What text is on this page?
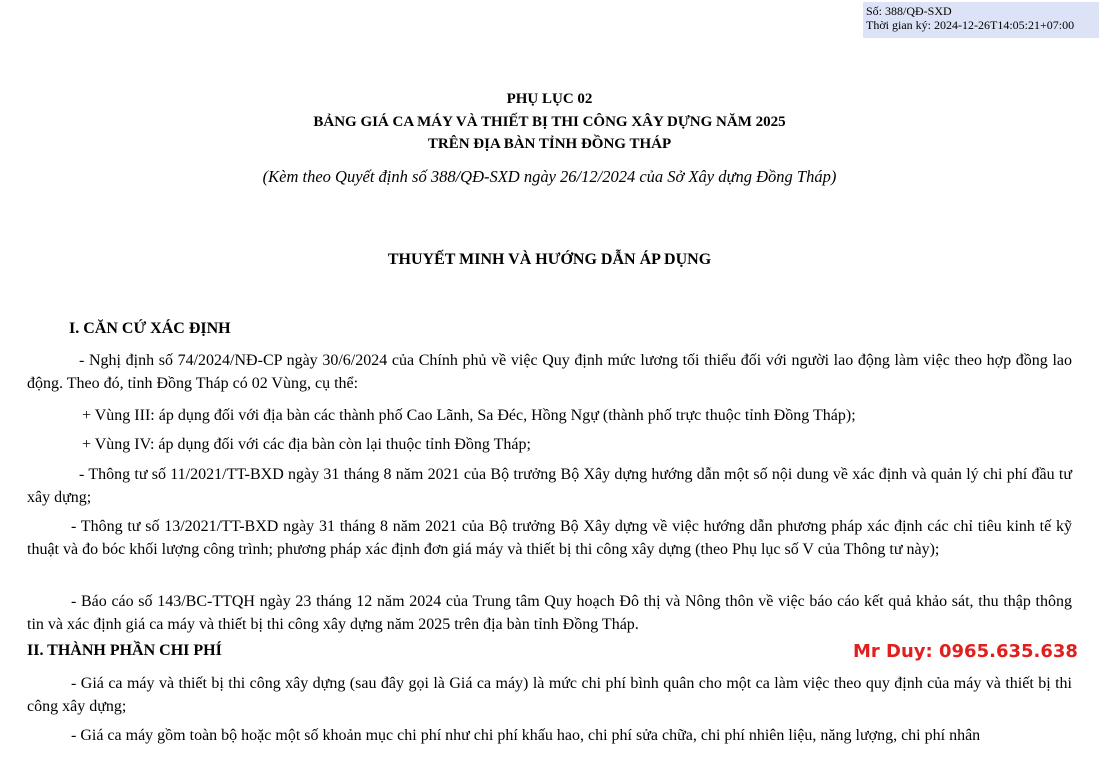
Số: 388/QĐ-SXD
Thời gian ký: 2024-12-26T14:05:21+07:00
PHỤ LỤC 02
BẢNG GIÁ CA MÁY VÀ THIẾT BỊ THI CÔNG XÂY DỰNG NĂM 2025
TRÊN ĐỊA BÀN TỈNH ĐỒNG THÁP
(Kèm theo Quyết định số 388/QĐ-SXD ngày 26/12/2024 của Sở Xây dựng Đồng Tháp)
THUYẾT MINH VÀ HƯỚNG DẪN ÁP DỤNG
I. CĂN CỨ XÁC ĐỊNH
- Nghị định số 74/2024/NĐ-CP ngày 30/6/2024 của Chính phủ về việc Quy định mức lương tối thiểu đối với người lao động làm việc theo hợp đồng lao động. Theo đó, tỉnh Đồng Tháp có 02 Vùng, cụ thể:
+ Vùng III: áp dụng đối với địa bàn các thành phố Cao Lãnh, Sa Đéc, Hồng Ngự (thành phố trực thuộc tỉnh Đồng Tháp);
+ Vùng IV: áp dụng đối với các địa bàn còn lại thuộc tỉnh Đồng Tháp;
- Thông tư số 11/2021/TT-BXD ngày 31 tháng 8 năm 2021 của Bộ trưởng Bộ Xây dựng hướng dẫn một số nội dung về xác định và quản lý chi phí đầu tư xây dựng;
- Thông tư số 13/2021/TT-BXD ngày 31 tháng 8 năm 2021 của Bộ trưởng Bộ Xây dựng về việc hướng dẫn phương pháp xác định các chỉ tiêu kinh tế kỹ thuật và đo bóc khối lượng công trình; phương pháp xác định đơn giá máy và thiết bị thi công xây dựng (theo Phụ lục số V của Thông tư này);
- Báo cáo số 143/BC-TTQH ngày 23 tháng 12 năm 2024 của Trung tâm Quy hoạch Đô thị và Nông thôn về việc báo cáo kết quả khảo sát, thu thập thông tin và xác định giá ca máy và thiết bị thi công xây dựng năm 2025 trên địa bàn tỉnh Đồng Tháp.
II. THÀNH PHẦN CHI PHÍ	Mr Duy: 0965.635.638
- Giá ca máy và thiết bị thi công xây dựng (sau đây gọi là Giá ca máy) là mức chi phí bình quân cho một ca làm việc theo quy định của máy và thiết bị thi công xây dựng;
- Giá ca máy gồm toàn bộ hoặc một số khoản mục chi phí như chi phí khấu hao, chi phí sửa chữa, chi phí nhiên liệu, năng lượng, chi phí nhân
